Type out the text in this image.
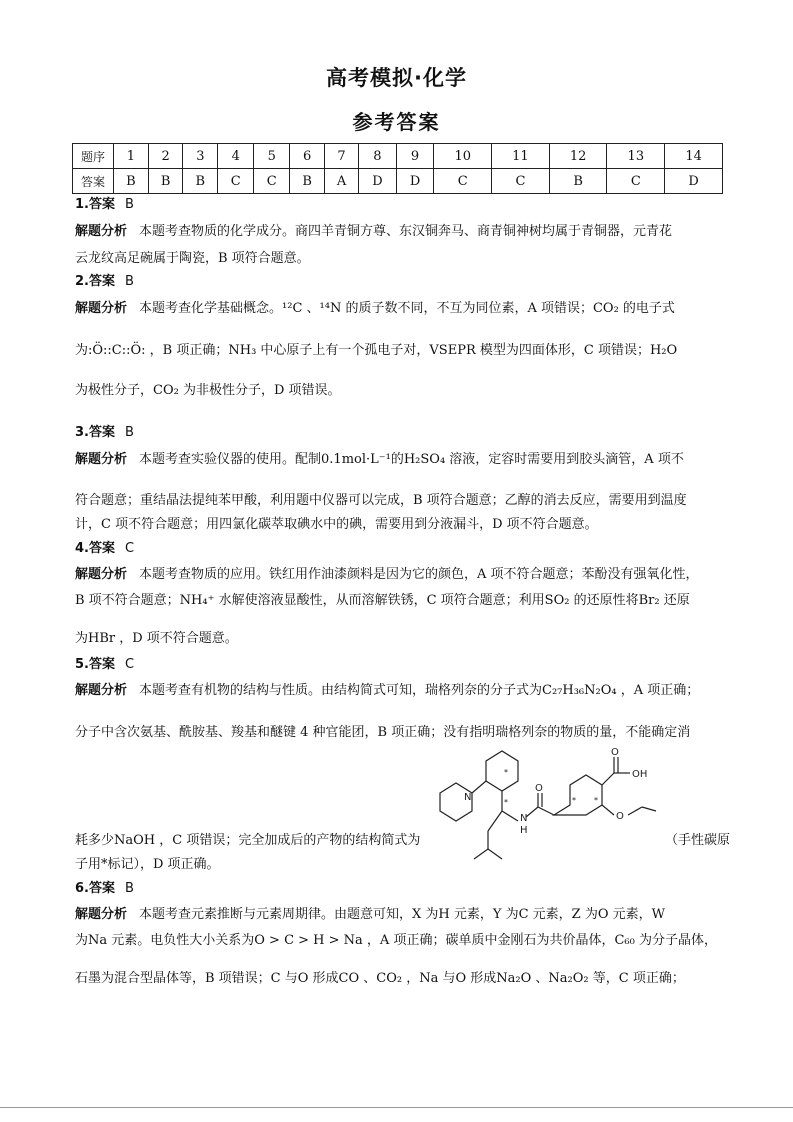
高考模拟·化学
参考答案
题序	1	2	3	4	5	6	7	8	9	10	11	12	13	14
答案	B	B	B	C	C	B	A	D	D	C	C	B	C	D
1.答案 B
解题分析 本题考查物质的化学成分。商四羊青铜方尊、东汉铜奔马、商青铜神树均属于青铜器，元青花
云龙纹高足碗属于陶瓷，B 项符合题意。
2.答案 B
解题分析 本题考查化学基础概念。¹²C 、¹⁴N 的质子数不同，不互为同位素，A 项错误；CO₂ 的电子式
为:Ö::C::Ö: ，B 项正确；NH₃ 中心原子上有一个孤电子对，VSEPR 模型为四面体形，C 项错误；H₂O
为极性分子，CO₂ 为非极性分子，D 项错误。
3.答案 B
解题分析 本题考查实验仪器的使用。配制0.1mol·L⁻¹的H₂SO₄ 溶液，定容时需要用到胶头滴管，A 项不
符合题意；重结晶法提纯苯甲酸，利用题中仪器可以完成，B 项符合题意；乙醇的消去反应，需要用到温度
计，C 项不符合题意；用四氯化碳萃取碘水中的碘，需要用到分液漏斗，D 项不符合题意。
4.答案 C
解题分析 本题考查物质的应用。铁红用作油漆颜料是因为它的颜色，A 项不符合题意；苯酚没有强氧化性，
B 项不符合题意；NH₄⁺ 水解使溶液显酸性，从而溶解铁锈，C 项符合题意；利用SO₂ 的还原性将Br₂ 还原
为HBr ，D 项不符合题意。
5.答案 C
解题分析 本题考查有机物的结构与性质。由结构简式可知，瑞格列奈的分子式为C₂₇H₃₆N₂O₄ ，A 项正确；
分子中含次氨基、酰胺基、羧基和醚键 4 种官能团，B 项正确；没有指明瑞格列奈的物质的量，不能确定消
耗多少NaOH ，C 项错误；完全加成后的产物的结构简式为	（手性碳原
子用*标记），D 项正确。
6.答案 B
解题分析 本题考查元素推断与元素周期律。由题意可知，X 为H 元素，Y 为C 元素，Z 为O 元素，W
为Na 元素。电负性大小关系为O > C > H > Na ，A 项正确；碳单质中金刚石为共价晶体，C₆₀ 为分子晶体，
石墨为混合型晶体等，B 项错误；C 与O 形成CO 、CO₂ ，Na 与O 形成Na₂O 、Na₂O₂ 等，C 项正确；
N
N
H
O
O
OH
O
*
*	* *
